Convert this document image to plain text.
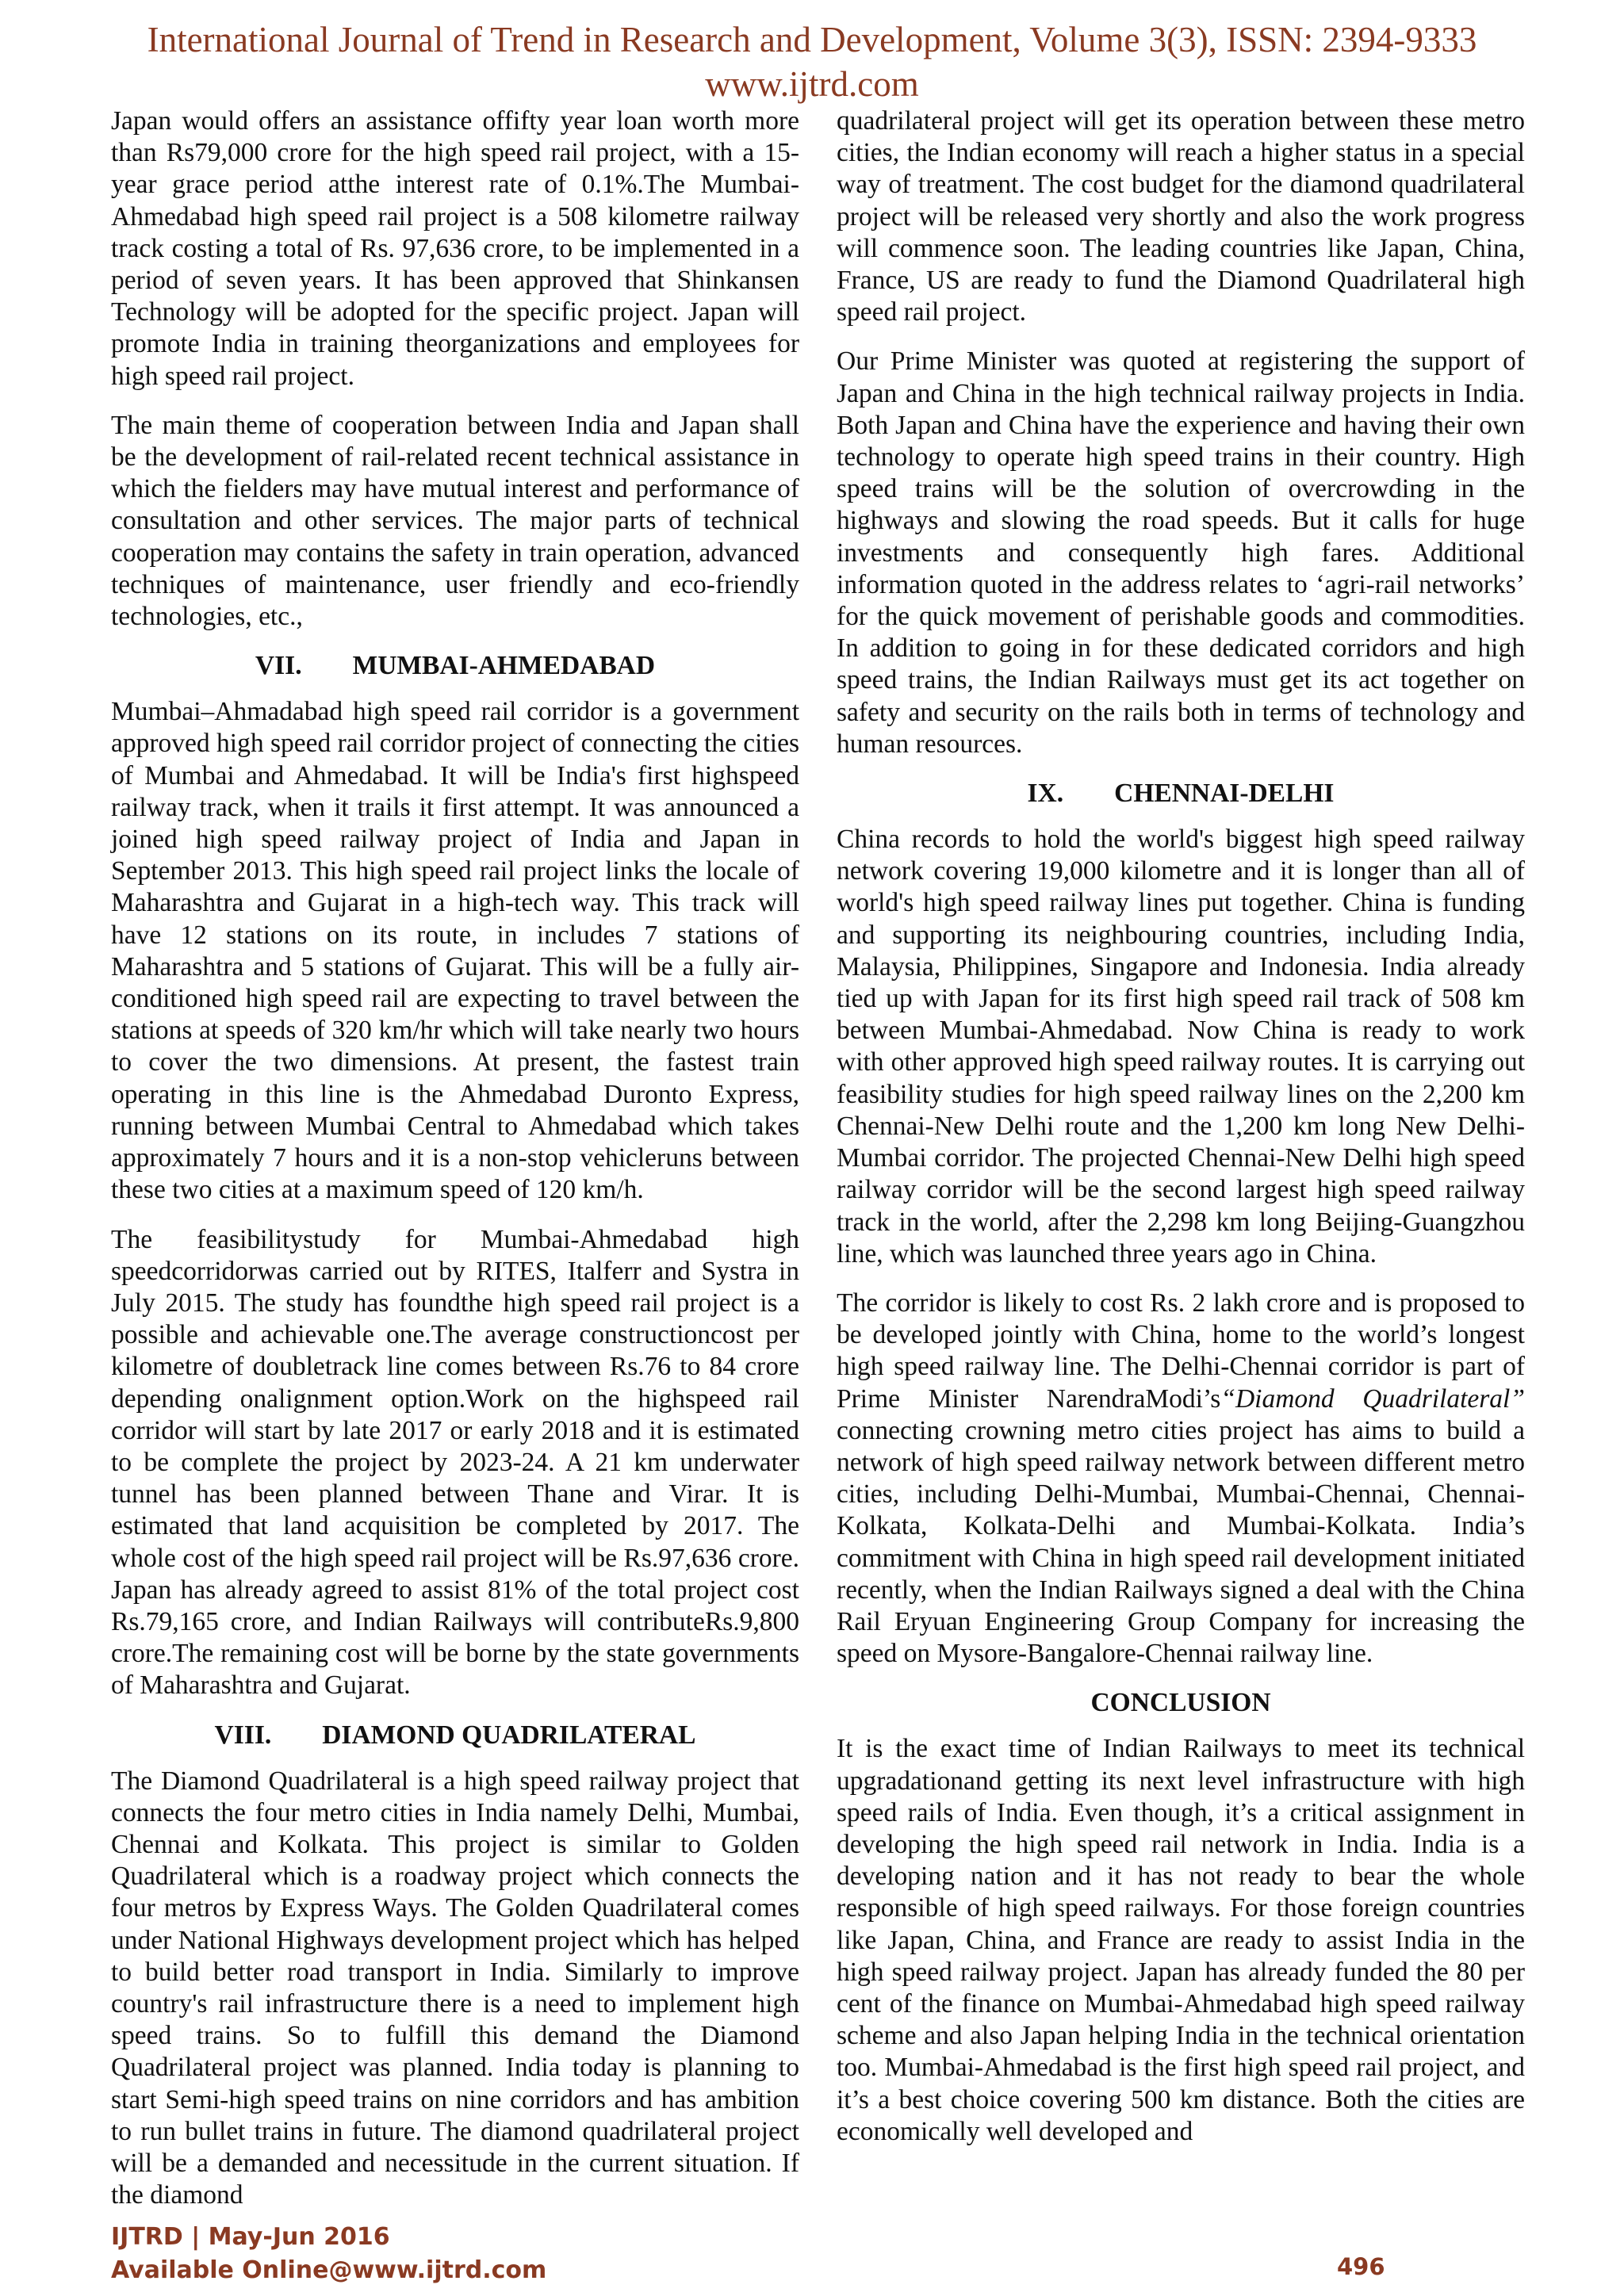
International Journal of Trend in Research and Development, Volume 3(3), ISSN: 2394-9333
www.ijtrd.com

Japan would offers an assistance offifty year loan worth more than Rs79,000 crore for the high speed rail project, with a 15-year grace period atthe interest rate of 0.1%.The Mumbai-Ahmedabad high speed rail project is a 508 kilometre railway track costing a total of Rs. 97,636 crore, to be implemented in a period of seven years. It has been approved that Shinkansen Technology will be adopted for the specific project. Japan will promote India in training theorganizations and employees for high speed rail project.

The main theme of cooperation between India and Japan shall be the development of rail-related recent technical assistance in which the fielders may have mutual interest and performance of consultation and other services. The major parts of technical cooperation may contains the safety in train operation, advanced techniques of maintenance, user friendly and eco-friendly technologies, etc.,

VII. MUMBAI-AHMEDABAD

Mumbai–Ahmadabad high speed rail corridor is a government approved high speed rail corridor project of connecting the cities of Mumbai and Ahmedabad. It will be India's first highspeed railway track, when it trails it first attempt. It was announced a joined high speed railway project of India and Japan in September 2013. This high speed rail project links the locale of Maharashtra and Gujarat in a high-tech way. This track will have 12 stations on its route, in includes 7 stations of Maharashtra and 5 stations of Gujarat. This will be a fully air-conditioned high speed rail are expecting to travel between the stations at speeds of 320 km/hr which will take nearly two hours to cover the two dimensions. At present, the fastest train operating in this line is the Ahmedabad Duronto Express, running between Mumbai Central to Ahmedabad which takes approximately 7 hours and it is a non-stop vehicleruns between these two cities at a maximum speed of 120 km/h.

The feasibilitystudy for Mumbai-Ahmedabad high speedcorridorwas carried out by RITES, Italferr and Systra in July 2015. The study has foundthe high speed rail project is a possible and achievable one.The average constructioncost per kilometre of doubletrack line comes between Rs.76 to 84 crore depending onalignment option.Work on the highspeed rail corridor will start by late 2017 or early 2018 and it is estimated to be complete the project by 2023-24. A 21 km underwater tunnel has been planned between Thane and Virar. It is estimated that land acquisition be completed by 2017. The whole cost of the high speed rail project will be Rs.97,636 crore. Japan has already agreed to assist 81% of the total project cost Rs.79,165 crore, and Indian Railways will contributeRs.9,800 crore.The remaining cost will be borne by the state governments of Maharashtra and Gujarat.

VIII. DIAMOND QUADRILATERAL

The Diamond Quadrilateral is a high speed railway project that connects the four metro cities in India namely Delhi, Mumbai, Chennai and Kolkata. This project is similar to Golden Quadrilateral which is a roadway project which connects the four metros by Express Ways. The Golden Quadrilateral comes under National Highways development project which has helped to build better road transport in India. Similarly to improve country's rail infrastructure there is a need to implement high speed trains. So to fulfill this demand the Diamond Quadrilateral project was planned. India today is planning to start Semi-high speed trains on nine corridors and has ambition to run bullet trains in future. The diamond quadrilateral project will be a demanded and necessitude in the current situation. If the diamond

quadrilateral project will get its operation between these metro cities, the Indian economy will reach a higher status in a special way of treatment. The cost budget for the diamond quadrilateral project will be released very shortly and also the work progress will commence soon. The leading countries like Japan, China, France, US are ready to fund the Diamond Quadrilateral high speed rail project.

Our Prime Minister was quoted at registering the support of Japan and China in the high technical railway projects in India. Both Japan and China have the experience and having their own technology to operate high speed trains in their country. High speed trains will be the solution of overcrowding in the highways and slowing the road speeds. But it calls for huge investments and consequently high fares. Additional information quoted in the address relates to ‘agri-rail networks’ for the quick movement of perishable goods and commodities. In addition to going in for these dedicated corridors and high speed trains, the Indian Railways must get its act together on safety and security on the rails both in terms of technology and human resources.

IX. CHENNAI-DELHI

China records to hold the world's biggest high speed railway network covering 19,000 kilometre and it is longer than all of world's high speed railway lines put together. China is funding and supporting its neighbouring countries, including India, Malaysia, Philippines, Singapore and Indonesia. India already tied up with Japan for its first high speed rail track of 508 km between Mumbai-Ahmedabad. Now China is ready to work with other approved high speed railway routes. It is carrying out feasibility studies for high speed railway lines on the 2,200 km Chennai-New Delhi route and the 1,200 km long New Delhi-Mumbai corridor. The projected Chennai-New Delhi high speed railway corridor will be the second largest high speed railway track in the world, after the 2,298 km long Beijing-Guangzhou line, which was launched three years ago in China.

The corridor is likely to cost Rs. 2 lakh crore and is proposed to be developed jointly with China, home to the world’s longest high speed railway line. The Delhi-Chennai corridor is part of Prime Minister NarendraModi’s“Diamond Quadrilateral” connecting crowning metro cities project has aims to build a network of high speed railway network between different metro cities, including Delhi-Mumbai, Mumbai-Chennai, Chennai-Kolkata, Kolkata-Delhi and Mumbai-Kolkata. India’s commitment with China in high speed rail development initiated recently, when the Indian Railways signed a deal with the China Rail Eryuan Engineering Group Company for increasing the speed on Mysore-Bangalore-Chennai railway line.

CONCLUSION

It is the exact time of Indian Railways to meet its technical upgradationand getting its next level infrastructure with high speed rails of India. Even though, it’s a critical assignment in developing the high speed rail network in India. India is a developing nation and it has not ready to bear the whole responsible of high speed railways. For those foreign countries like Japan, China, and France are ready to assist India in the high speed railway project. Japan has already funded the 80 per cent of the finance on Mumbai-Ahmedabad high speed railway scheme and also Japan helping India in the technical orientation too. Mumbai-Ahmedabad is the first high speed rail project, and it’s a best choice covering 500 km distance. Both the cities are economically well developed and

IJTRD | May-Jun 2016
Available Online@www.ijtrd.com	496
